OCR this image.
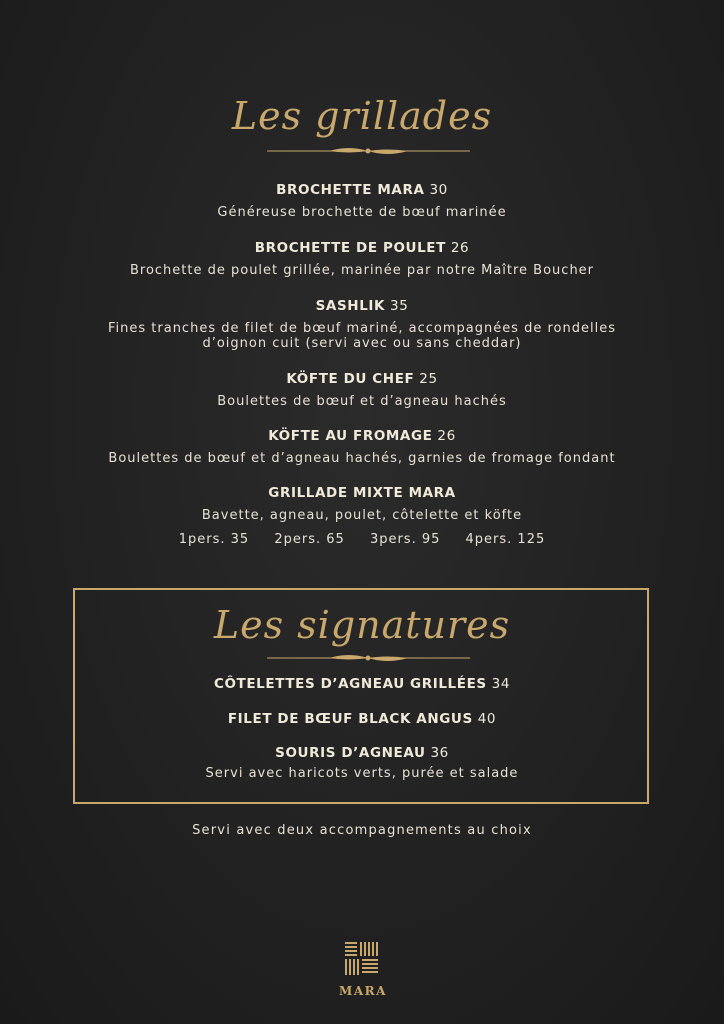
Les grillades
BROCHETTE MARA 30
Généreuse brochette de bœuf marinée
BROCHETTE DE POULET 26
Brochette de poulet grillée, marinée par notre Maître Boucher
SASHLIK 35
Fines tranches de filet de bœuf mariné, accompagnées de rondelles
d’oignon cuit (servi avec ou sans cheddar)
KÖFTE DU CHEF 25
Boulettes de bœuf et d’agneau hachés
KÖFTE AU FROMAGE 26
Boulettes de bœuf et d’agneau hachés, garnies de fromage fondant
GRILLADE MIXTE MARA
Bavette, agneau, poulet, côtelette et köfte
1pers. 35 2pers. 65 3pers. 95 4pers. 125
Les signatures
CÔTELETTES D’AGNEAU GRILLÉES 34
FILET DE BŒUF BLACK ANGUS 40
SOURIS D’AGNEAU 36
Servi avec haricots verts, purée et salade
Servi avec deux accompagnements au choix
MARA
